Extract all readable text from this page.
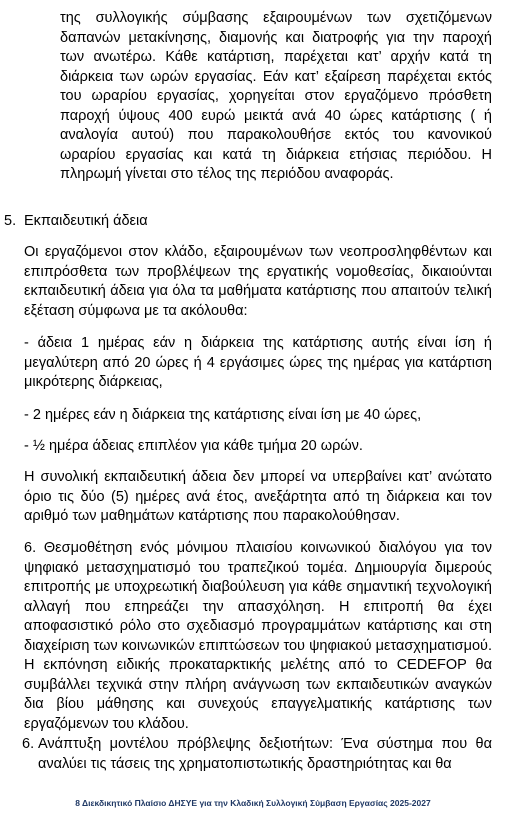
της συλλογικής σύμβασης εξαιρουμένων των σχετιζόμενων δαπανών μετακίνησης, διαμονής και διατροφής για την παροχή των ανωτέρω. Κάθε κατάρτιση, παρέχεται κατ’ αρχήν κατά τη διάρκεια των ωρών εργασίας. Εάν κατ’ εξαίρεση παρέχεται εκτός του ωραρίου εργασίας, χορηγείται στον εργαζόμενο πρόσθετη παροχή ύψους 400 ευρώ μεικτά ανά 40 ώρες κατάρτισης ( ή αναλογία αυτού) που παρακολουθήσε εκτός του κανονικού ωραρίου εργασίας και κατά τη διάρκεια ετήσιας περιόδου. Η πληρωμή γίνεται στο τέλος της περιόδου αναφοράς.

5. Εκπαιδευτική άδεια

Οι εργαζόμενοι στον κλάδο, εξαιρουμένων των νεοπροσληφθέντων και επιπρόσθετα των προβλέψεων της εργατικής νομοθεσίας, δικαιούνται εκπαιδευτική άδεια για όλα τα μαθήματα κατάρτισης που απαιτούν τελική εξέταση σύμφωνα με τα ακόλουθα:

- άδεια 1 ημέρας εάν η διάρκεια της κατάρτισης αυτής είναι ίση ή μεγαλύτερη από 20 ώρες ή 4 εργάσιμες ώρες της ημέρας για κατάρτιση μικρότερης διάρκειας,

- 2 ημέρες εάν η διάρκεια της κατάρτισης είναι ίση με 40 ώρες,

- ½ ημέρα άδειας επιπλέον για κάθε τμήμα 20 ωρών.

Η συνολική εκπαιδευτική άδεια δεν μπορεί να υπερβαίνει κατ’ ανώτατο όριο τις δύο (5) ημέρες ανά έτος, ανεξάρτητα από τη διάρκεια και τον αριθμό των μαθημάτων κατάρτισης που παρακολούθησαν.

6. Θεσμοθέτηση ενός μόνιμου πλαισίου κοινωνικού διαλόγου για τον ψηφιακό μετασχηματισμό του τραπεζικού τομέα. Δημιουργία διμερούς επιτροπής με υποχρεωτική διαβούλευση για κάθε σημαντική τεχνολογική αλλαγή που επηρεάζει την απασχόληση. Η επιτροπή θα έχει αποφασιστικό ρόλο στο σχεδιασμό προγραμμάτων κατάρτισης και στη διαχείριση των κοινωνικών επιπτώσεων του ψηφιακού μετασχηματισμού. Η εκπόνηση ειδικής προκαταρκτικής μελέτης από το CEDEFOP θα συμβάλλει τεχνικά στην πλήρη ανάγνωση των εκπαιδευτικών αναγκών δια βίου μάθησης και συνεχούς επαγγελματικής κατάρτισης των εργαζόμενων του κλάδου.

6. Ανάπτυξη μοντέλου πρόβλεψης δεξιοτήτων: Ένα σύστημα που θα αναλύει τις τάσεις της χρηματοπιστωτικής δραστηριότητας και θα

8 Διεκδικητικό Πλαίσιο ΔΗΣΥΕ για την Κλαδική Συλλογική Σύμβαση Εργασίας 2025-2027
